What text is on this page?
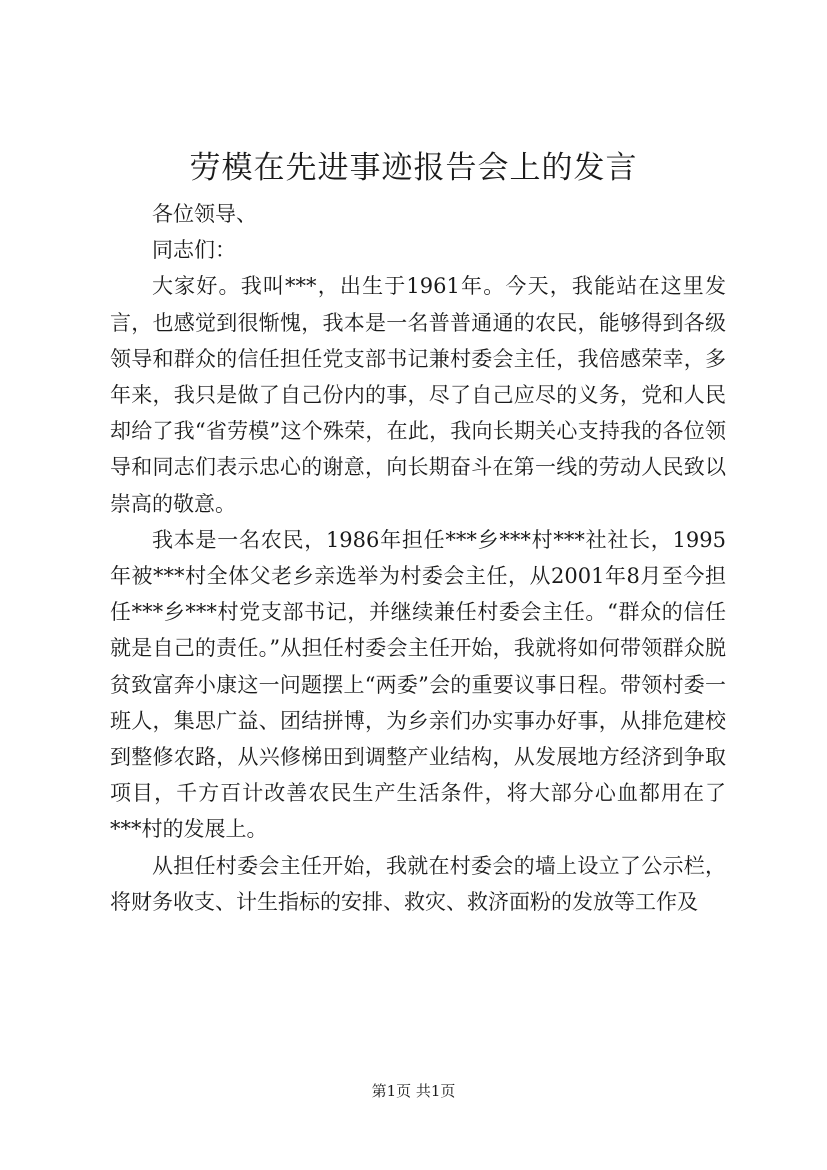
劳模在先进事迹报告会上的发言

各位领导、

同志们：

大家好。我叫***，出生于1961年。今天，我能站在这里发言，也感觉到很惭愧，我本是一名普普通通的农民，能够得到各级领导和群众的信任担任党支部书记兼村委会主任，我倍感荣幸，多年来，我只是做了自己份内的事，尽了自己应尽的义务，党和人民却给了我“省劳模”这个殊荣，在此，我向长期关心支持我的各位领导和同志们表示忠心的谢意，向长期奋斗在第一线的劳动人民致以崇高的敬意。

我本是一名农民，1986年担任***乡***村***社社长，1995年被***村全体父老乡亲选举为村委会主任，从2001年8月至今担任***乡***村党支部书记，并继续兼任村委会主任。“群众的信任就是自己的责任。”从担任村委会主任开始，我就将如何带领群众脱贫致富奔小康这一问题摆上“两委”会的重要议事日程。带领村委一班人，集思广益、团结拼博，为乡亲们办实事办好事，从排危建校到整修农路，从兴修梯田到调整产业结构，从发展地方经济到争取项目，千方百计改善农民生产生活条件，将大部分心血都用在了***村的发展上。

从担任村委会主任开始，我就在村委会的墙上设立了公示栏，将财务收支、计生指标的安排、救灾、救济面粉的发放等工作及

第1页 共1页
